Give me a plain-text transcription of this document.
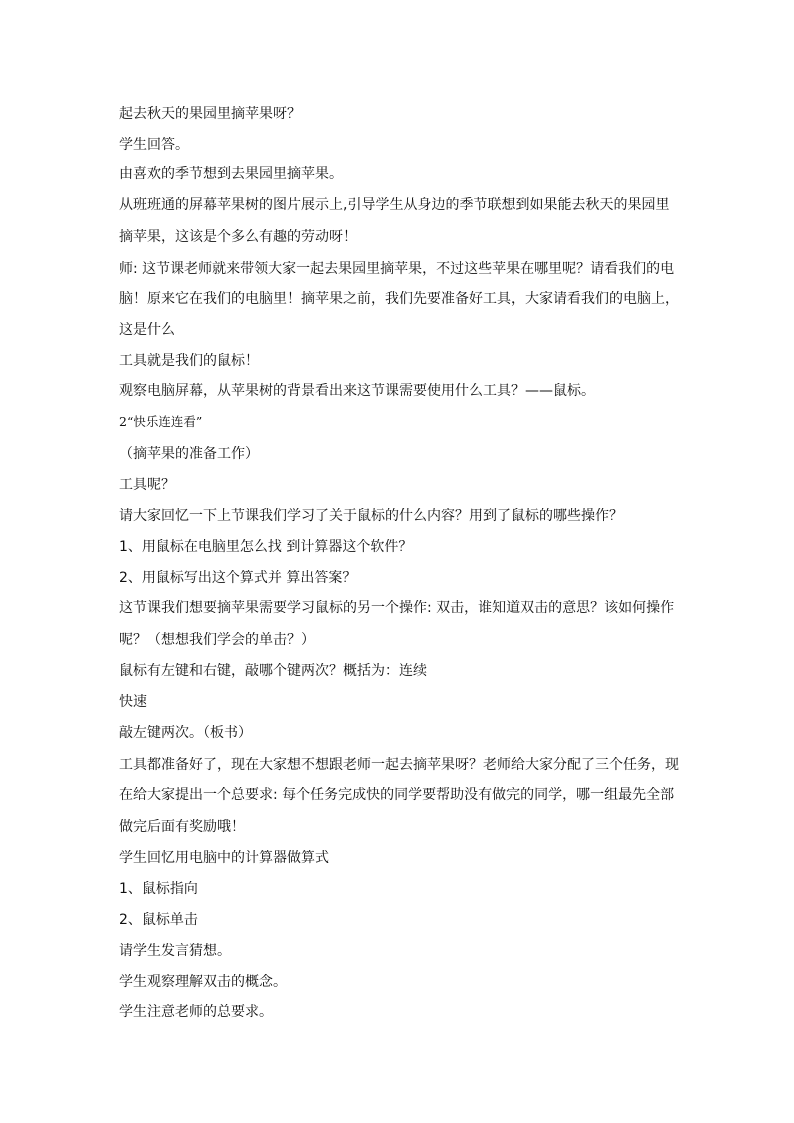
起去秋天的果园里摘苹果呀？
学生回答。
由喜欢的季节想到去果园里摘苹果。
从班班通的屏幕苹果树的图片展示上,引导学生从身边的季节联想到如果能去秋天的果园里
摘苹果，这该是个多么有趣的劳动呀！
师: 这节课老师就来带领大家一起去果园里摘苹果，不过这些苹果在哪里呢？请看我们的电
脑！原来它在我们的电脑里！摘苹果之前，我们先要准备好工具，大家请看我们的电脑上，
这是什么
工具就是我们的鼠标！
观察电脑屏幕，从苹果树的背景看出来这节课需要使用什么工具？——鼠标。
2“快乐连连看”
（摘苹果的准备工作）
工具呢？
请大家回忆一下上节课我们学习了关于鼠标的什么内容？用到了鼠标的哪些操作？
1、用鼠标在电脑里怎么找 到计算器这个软件？
2、用鼠标写出这个算式并 算出答案？
这节课我们想要摘苹果需要学习鼠标的另一个操作: 双击，谁知道双击的意思？该如何操作
呢？（想想我们学会的单击？）
鼠标有左键和右键，敲哪个键两次？概括为：连续
快速
敲左键两次。（板书）
工具都准备好了，现在大家想不想跟老师一起去摘苹果呀？老师给大家分配了三个任务，现
在给大家提出一个总要求: 每个任务完成快的同学要帮助没有做完的同学，哪一组最先全部
做完后面有奖励哦！
学生回忆用电脑中的计算器做算式
1、鼠标指向
2、鼠标单击
请学生发言猜想。
学生观察理解双击的概念。
学生注意老师的总要求。
